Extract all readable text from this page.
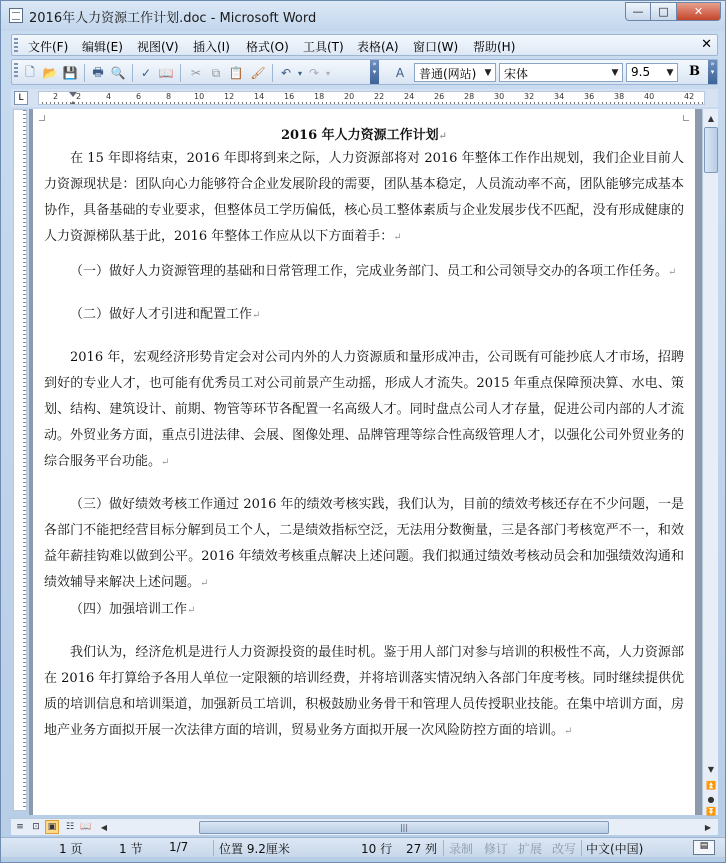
2016年人力资源工作计划.doc - Microsoft Word	—	□	✕
文件(F) 编辑(E) 视图(V) 插入(I) 格式(O) 工具(T) 表格(A) 窗口(W) 帮助(H)	✕
🗋 📂 💾 🖶 🔍 ✓ 📖 ✂ ⧉ 📋 🖌 ↶ ▾ ↷ ▾
»
▾	A	普通(网站) ▼	宋体	▼	9.5	▼ B	»
▾
L	2 2	4	6	8	10 12 14 16 18 20 22 24 26 28 30 32 34 36 38 40	42
2016 年人力资源工作计划↵

在 15 年即将结束，2016 年即将到来之际，人力资源部将对 2016 年整体工作作出规划，我们企业目前人力资源现状是：团队向心力能够符合企业发展阶段的需要，团队基本稳定，人员流动率不高，团队能够完成基本协作，具备基础的专业要求，但整体员工学历偏低，核心员工整体素质与企业发展步伐不匹配，没有形成健康的人力资源梯队基于此，2016 年整体工作应从以下方面着手：↵

（一）做好人力资源管理的基础和日常管理工作，完成业务部门、员工和公司领导交办的各项工作任务。↵

（二）做好人才引进和配置工作↵

2016 年，宏观经济形势肯定会对公司内外的人力资源质和量形成冲击，公司既有可能抄底人才市场，招聘到好的专业人才，也可能有优秀员工对公司前景产生动摇，形成人才流失。2015 年重点保障预决算、水电、策划、结构、建筑设计、前期、物管等环节各配置一名高级人才。同时盘点公司人才存量，促进公司内部的人才流动。外贸业务方面，重点引进法律、会展、图像处理、品牌管理等综合性高级管理人才，以强化公司外贸业务的综合服务平台功能。↵

（三）做好绩效考核工作通过 2016 年的绩效考核实践，我们认为，目前的绩效考核还存在不少问题，一是各部门不能把经营目标分解到员工个人，二是绩效指标空泛，无法用分数衡量，三是各部门考核宽严不一，和效益年薪挂钩难以做到公平。2016 年绩效考核重点解决上述问题。我们拟通过绩效考核动员会和加强绩效沟通和绩效辅导来解决上述问题。↵

（四）加强培训工作↵

我们认为，经济危机是进行人力资源投资的最佳时机。鉴于用人部门对参与培训的积极性不高，人力资源部在 2016 年打算给予各用人单位一定限额的培训经费，并将培训落实情况纳入各部门年度考核。同时继续提供优质的培训信息和培训渠道，加强新员工培训，积极鼓励业务骨干和管理人员传授职业技能。在集中培训方面，房地产业务方面拟开展一次法律方面的培训，贸易业务方面拟开展一次风险防控方面的培训。↵

▲
▼
⏫
●
⏬
≡ ⊡ ▣	☷ 📖	◀	|||	▶
1 页	1 节 1/7	位置 9.2厘米	10 行 27 列 录制 修订 扩展 改写 中文(中国)	▤
